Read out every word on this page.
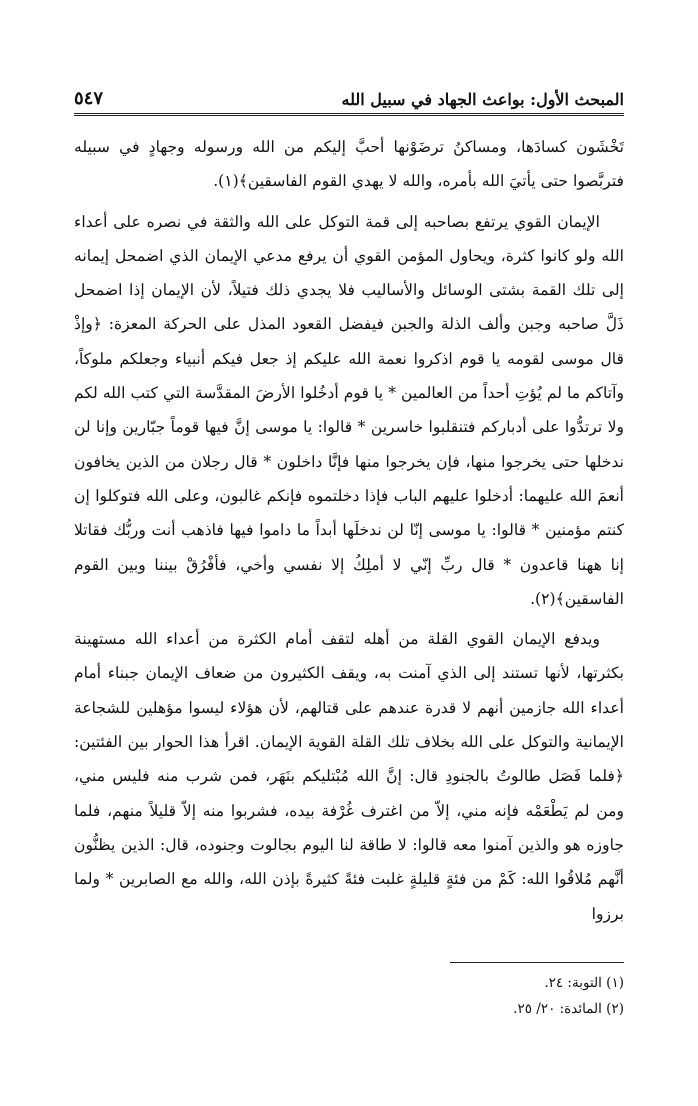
المبحث الأول: بواعث الجهاد في سبيل الله
٥٤٧

تَخْشَون كسادَها، ومساكنُ ترضَوْنها أحبَّ إليكم من الله ورسوله وجهادٍ في سبيله فتربَّصوا حتى يأتيَ الله بأمره، والله لا يهدي القوم الفاسقين﴾(١).

الإيمان القوي يرتفع بصاحبه إلى قمة التوكل على الله والثقة في نصره على أعداء الله ولو كانوا كثرة، ويحاول المؤمن القوي أن يرفع مدعي الإيمان الذي اضمحل إيمانه إلى تلك القمة بشتى الوسائل والأساليب فلا يجدي ذلك فتيلاً، لأن الإيمان إذا اضمحل ذَلَّ صاحبه وجبن وألف الذلة والجبن فيفضل القعود المذل على الحركة المعزة: ﴿وإذْ قال موسى لقومه يا قوم اذكروا نعمة الله عليكم إذ جعل فيكم أنبياء وجعلكم ملوكاً، وآتاكم ما لم يُؤتِ أحداً من العالمين * يا قوم أدخُلوا الأرضَ المقدَّسة التي كتب الله لكم ولا ترتدُّوا على أدباركم فتنقلبوا خاسرين * قالوا: يا موسى إنَّ فيها قوماً جبّارين وإنا لن ندخلها حتى يخرجوا منها، فإن يخرجوا منها فإنَّا داخلون * قال رجلان من الذين يخافون أنعمَ الله عليهما: أدخلوا عليهم الباب فإذا دخلتموه فإنكم غالبون، وعلى الله فتوكلوا إن كنتم مؤمنين * قالوا: يا موسى إنّا لن ندخلَها أبداً ما داموا فيها فاذهب أنت وربُّك فقاتلا إنا ههنا قاعدون * قال ربِّ إنّي لا أملِكُ إلا نفسي وأخي، فأفْرُقْ بيننا وبين القوم الفاسقين﴾(٢).

ويدفع الإيمان القوي القلة من أهله لتقف أمام الكثرة من أعداء الله مستهينة بكثرتها، لأنها تستند إلى الذي آمنت به، ويقف الكثيرون من ضعاف الإيمان جبناء أمام أعداء الله جازمين أنهم لا قدرة عندهم على قتالهم، لأن هؤلاء ليسوا مؤهلين للشجاعة الإيمانية والتوكل على الله بخلاف تلك القلة القوية الإيمان. اقرأ هذا الحوار بين الفئتين: ﴿فلما فَصَل طالوتُ بالجنودِ قال: إنَّ الله مُبْتليكم بنَهَر، فمن شرب منه فليس مني، ومن لم يَطْعَمْه فإنه مني، إلاّ من اغترف غُرْفة بيده، فشربوا منه إلاّ قليلاً منهم، فلما جاوزه هو والذين آمنوا معه قالوا: لا طاقة لنا اليوم بجالوت وجنوده، قال: الذين يظنُّون أنَّهم مُلاقُوا الله: كَمْ من فئةٍ قليلةٍ غلبت فئةً كثيرةً بإذن الله، والله مع الصابرين * ولما برزوا

(١) التوبة: ٢٤.
(٢) المائدة: ٢٠/ ٢٥.
